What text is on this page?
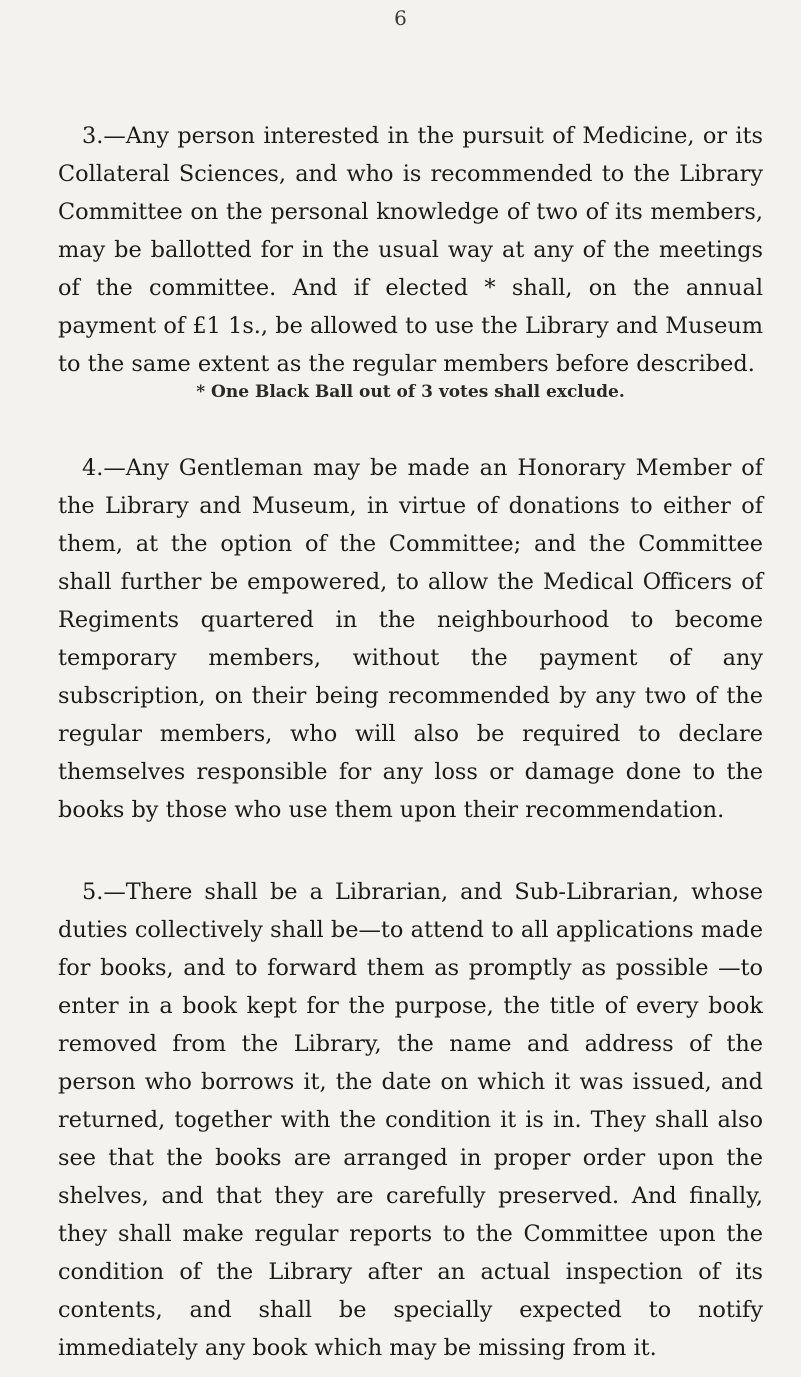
6

3.—Any person interested in the pursuit of Medicine, or its Collateral Sciences, and who is recommended to the Library Committee on the personal knowledge of two of its members, may be ballotted for in the usual way at any of the meetings of the committee. And if elected * shall, on the annual payment of £1 1s., be allowed to use the Library and Museum to the same extent as the regular members before described.

* One Black Ball out of 3 votes shall exclude.

4.—Any Gentleman may be made an Honorary Member of the Library and Museum, in virtue of donations to either of them, at the option of the Committee; and the Committee shall further be empowered, to allow the Medical Officers of Regiments quartered in the neighbourhood to become temporary members, without the payment of any subscription, on their being recommended by any two of the regular members, who will also be required to declare themselves responsible for any loss or damage done to the books by those who use them upon their recommendation.

5.—There shall be a Librarian, and Sub-Librarian, whose duties collectively shall be—to attend to all applications made for books, and to forward them as promptly as possible —to enter in a book kept for the purpose, the title of every book removed from the Library, the name and address of the person who borrows it, the date on which it was issued, and returned, together with the condition it is in. They shall also see that the books are arranged in proper order upon the shelves, and that they are carefully preserved. And finally, they shall make regular reports to the Committee upon the condition of the Library after an actual inspection of its contents, and shall be specially expected to notify immediately any book which may be missing from it.
